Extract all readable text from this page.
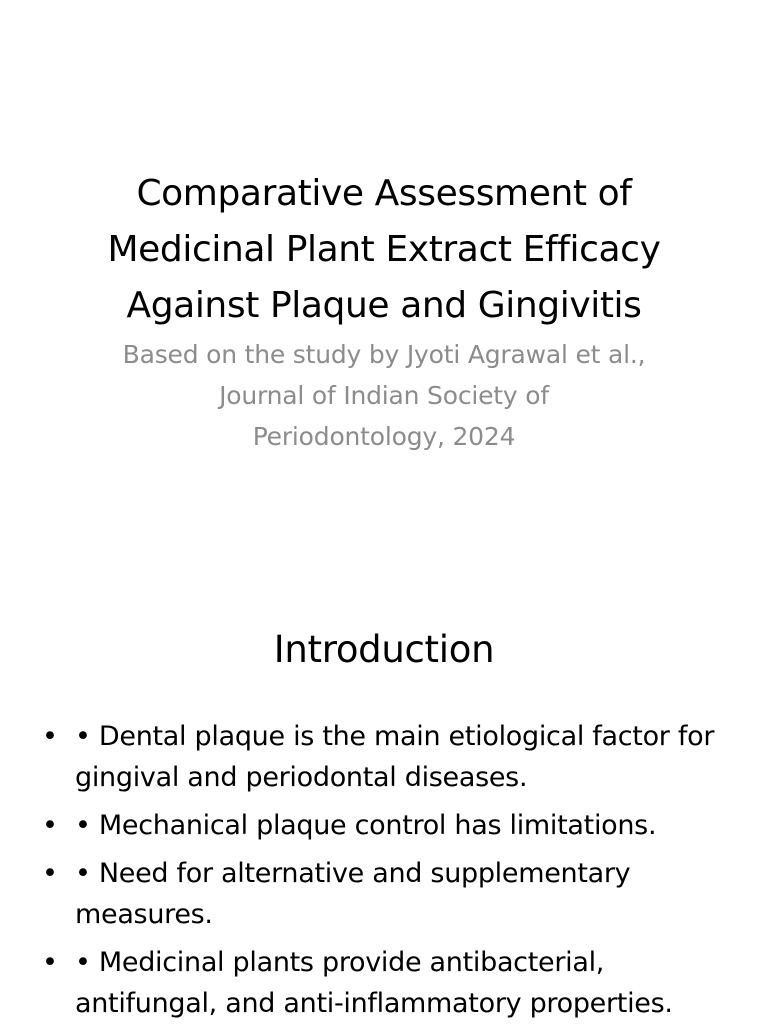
Comparative Assessment of Medicinal Plant Extract Efficacy Against Plaque and Gingivitis

Based on the study by Jyoti Agrawal et al., Journal of Indian Society of Periodontology, 2024

Introduction
• • Dental plaque is the main etiological factor for gingival and periodontal diseases.
• • Mechanical plaque control has limitations.
• • Need for alternative and supplementary measures.
• • Medicinal plants provide antibacterial, antifungal, and anti-inflammatory properties.
